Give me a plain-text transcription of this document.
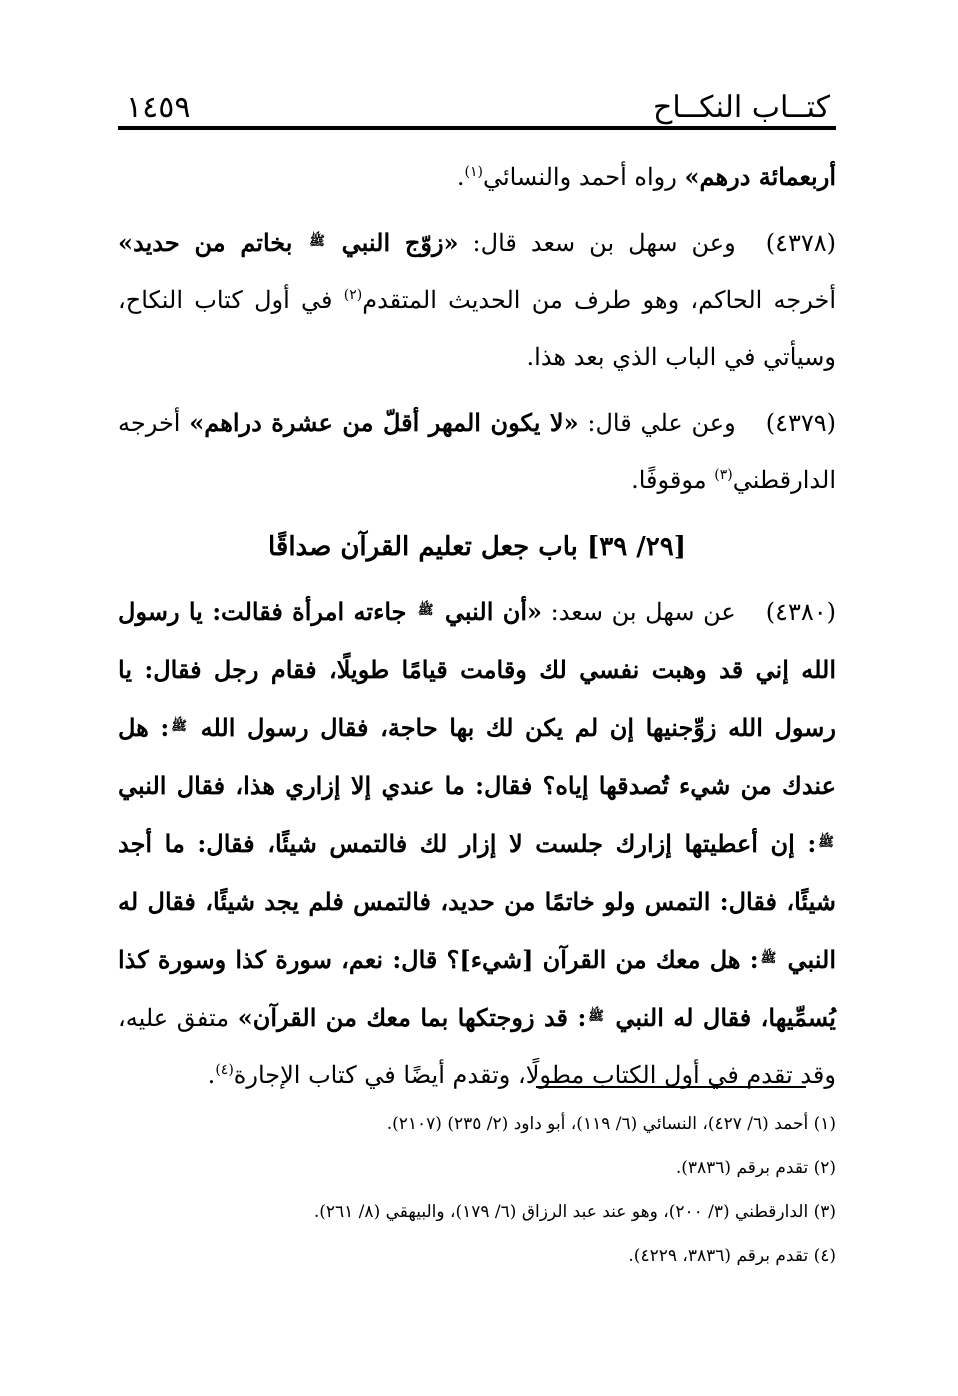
كتــاب النكــاح
١٤٥٩

أربعمائة درهم» رواه أحمد والنسائي$^{(١)}$.

(٤٣٧٨)وعن سهل بن سعد قال: «زوّج النبي ﷺ بخاتم من حديد» أخرجه الحاكم، وهو طرف من الحديث المتقدم$^{(٢)}$ في أول كتاب النكاح، وسيأتي في الباب الذي بعد هذا.

(٤٣٧٩)وعن علي قال: «لا يكون المهر أقلّ من عشرة دراهم» أخرجه الدارقطني$^{(٣)}$ موقوفًا.

[٢٩/ ٣٩] باب جعل تعليم القرآن صداقًا

(٤٣٨٠)عن سهل بن سعد: «أن النبي ﷺ جاءته امرأة فقالت: يا رسول الله إني قد وهبت نفسي لك وقامت قيامًا طويلًا، فقام رجل فقال: يا رسول الله زوِّجنيها إن لم يكن لك بها حاجة، فقال رسول الله ﷺ: هل عندك من شيء تُصدقها إياه؟ فقال: ما عندي إلا إزاري هذا، فقال النبي ﷺ: إن أعطيتها إزارك جلست لا إزار لك فالتمس شيئًا، فقال: ما أجد شيئًا، فقال: التمس ولو خاتمًا من حديد، فالتمس فلم يجد شيئًا، فقال له النبي ﷺ: هل معك من القرآن [شيء]؟ قال: نعم، سورة كذا وسورة كذا يُسمِّيها، فقال له النبي ﷺ: قد زوجتكها بما معك من القرآن» متفق عليه، وقد تقدم في أول الكتاب مطولًا، وتقدم أيضًا في كتاب الإجارة$^{(٤)}$.

(١) أحمد (٦/ ٤٢٧)، النسائي (٦/ ١١٩)، أبو داود (٢/ ٢٣٥) (٢١٠٧).
(٢) تقدم برقم (٣٨٣٦).
(٣) الدارقطني (٣/ ٢٠٠)، وهو عند عبد الرزاق (٦/ ١٧٩)، والبيهقي (٨/ ٢٦١).
(٤) تقدم برقم (٣٨٣٦، ٤٢٢٩).
